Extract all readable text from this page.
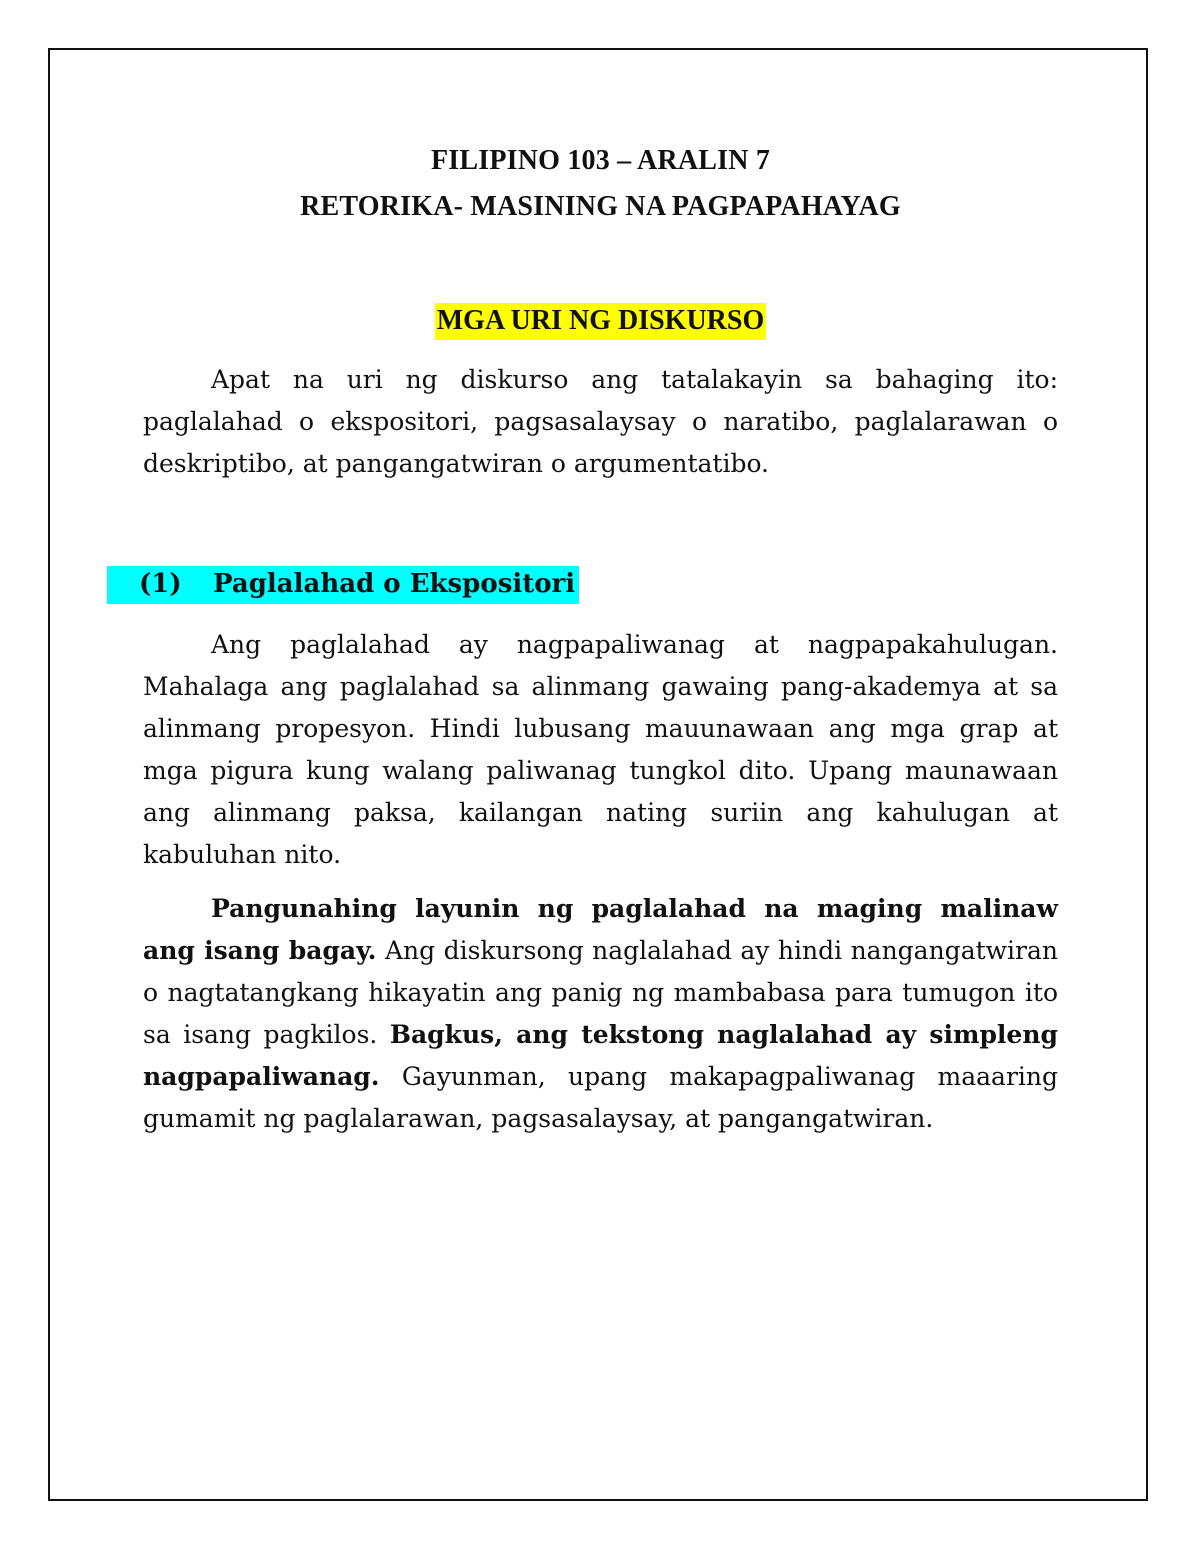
FILIPINO 103 – ARALIN 7
RETORIKA- MASINING NA PAGPAPAHAYAG
MGA URI NG DISKURSO

Apat na uri ng diskurso ang tatalakayin sa bahaging ito: paglalahad o ekspositori, pagsasalaysay o naratibo, paglalarawan o deskriptibo, at pangangatwiran o argumentatibo.

(1) Paglalahad o Ekspositori

Ang paglalahad ay nagpapaliwanag at nagpapakahulugan. Mahalaga ang paglalahad sa alinmang gawaing pang-akademya at sa alinmang propesyon. Hindi lubusang mauunawaan ang mga grap at mga pigura kung walang paliwanag tungkol dito. Upang maunawaan ang alinmang paksa, kailangan nating suriin ang kahulugan at kabuluhan nito.

Pangunahing layunin ng paglalahad na maging malinaw ang isang bagay. Ang diskursong naglalahad ay hindi nangangatwiran o nagtatangkang hikayatin ang panig ng mambabasa para tumugon ito sa isang pagkilos. Bagkus, ang tekstong naglalahad ay simpleng nagpapaliwanag. Gayunman, upang makapagpaliwanag maaaring gumamit ng paglalarawan, pagsasalaysay, at pangangatwiran.
